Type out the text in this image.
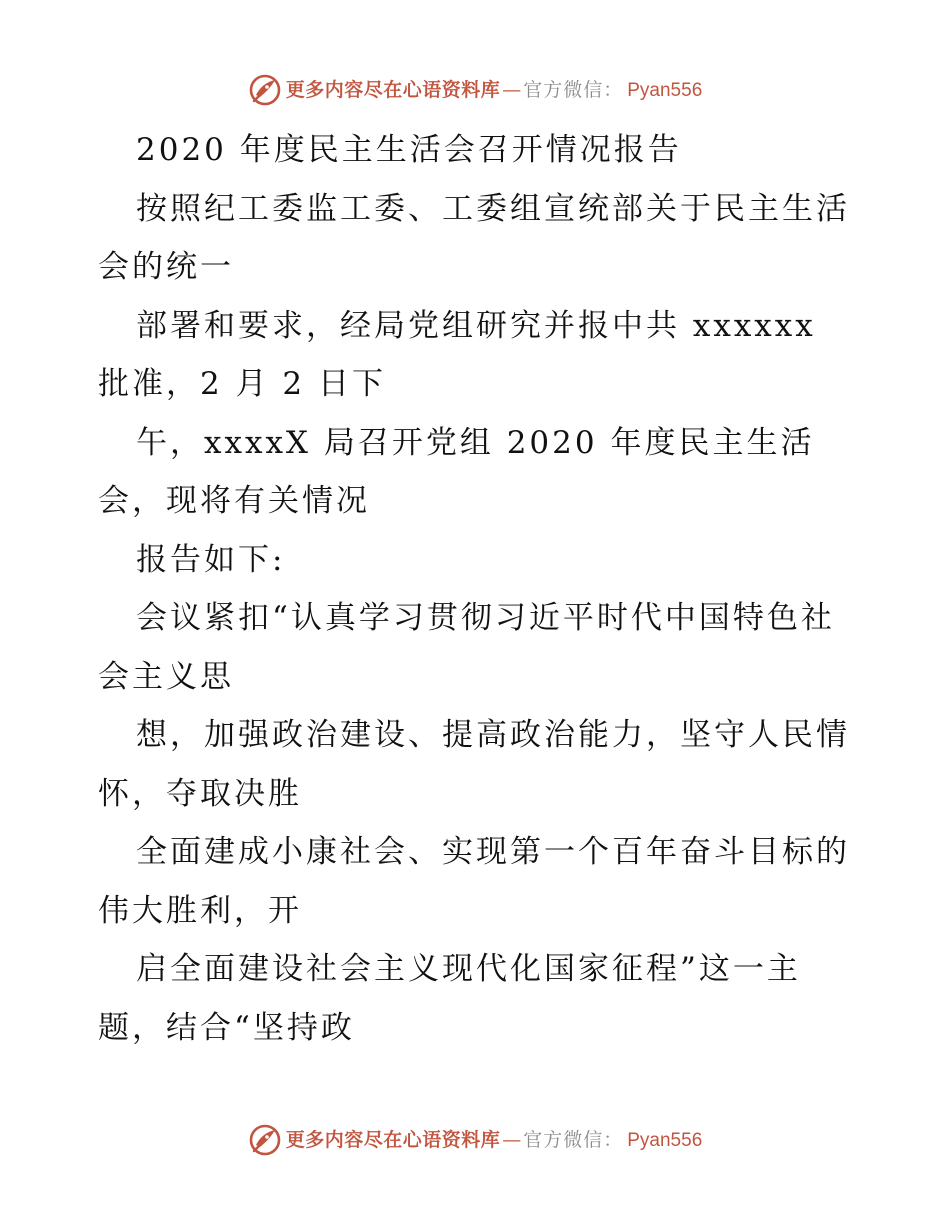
更多内容尽在心语资料库 — 官方微信： Pyan556

2020 年度民主生活会召开情况报告

按照纪工委监工委、工委组宣统部关于民主生活会的统一

部署和要求，经局党组研究并报中共 xxxxxx 批准，2 月 2 日下

午，xxxxX 局召开党组 2020 年度民主生活会，现将有关情况

报告如下:

会议紧扣“认真学习贯彻习近平时代中国特色社会主义思

想，加强政治建设、提高政治能力，坚守人民情怀，夺取决胜

全面建成小康社会、实现第一个百年奋斗目标的伟大胜利，开

启全面建设社会主义现代化国家征程”这一主题，结合“坚持政

更多内容尽在心语资料库 — 官方微信： Pyan556
